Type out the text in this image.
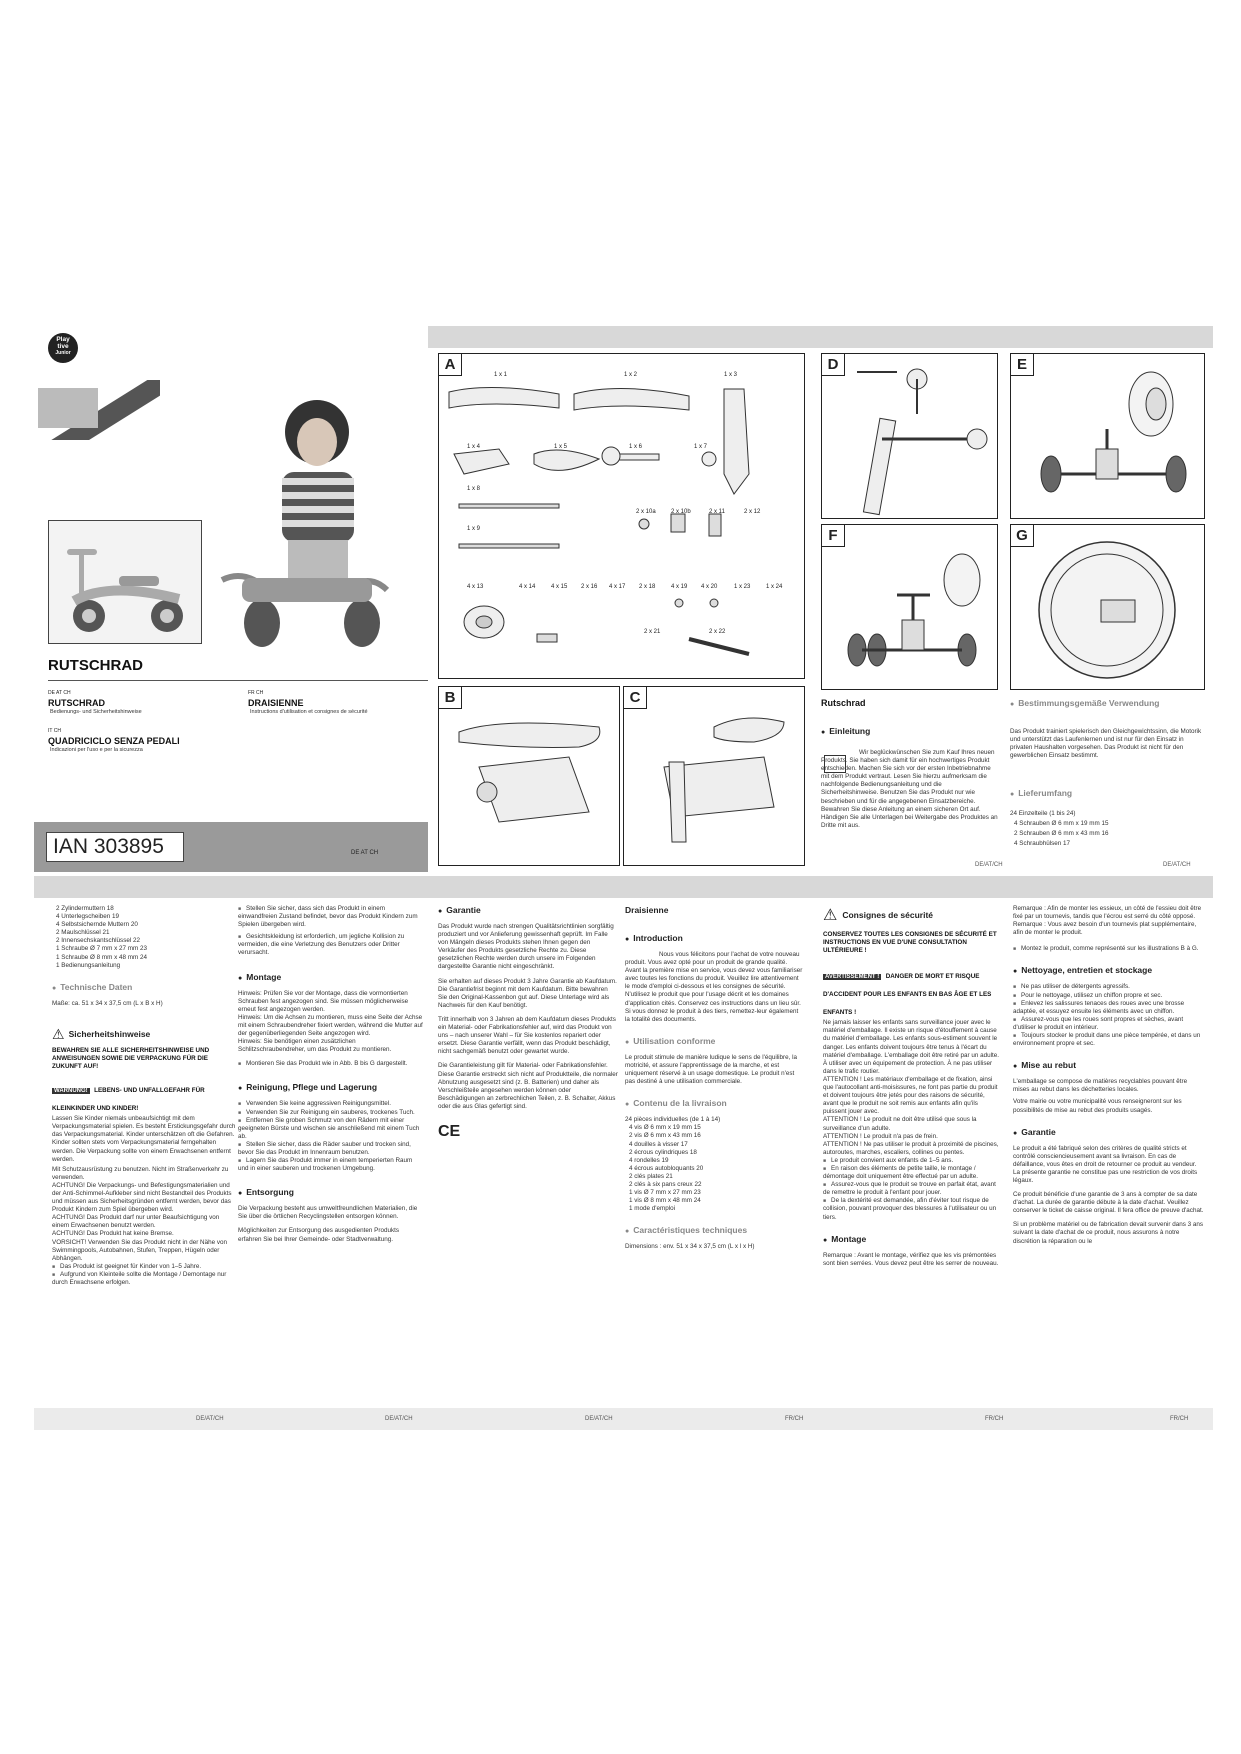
Play
tive
Junior
RUTSCHRAD
DE AT CH
RUTSCHRAD
Bedienungs- und Sicherheitshinweise
FR CH
DRAISIENNE
Instructions d'utilisation et consignes de sécurité
IT CH
QUADRICICLO SENZA PEDALI
Indicazioni per l'uso e per la sicurezza
IAN 303895	DE AT CH
A
1 x 1	1 x 2	1 x 3
1 x 4	1 x 5	1 x 6	1 x 7
1 x 8
1 x 9
2 x 10a	2 x 10b	2 x 11	2 x 12
4 x 13	4 x 14	4 x 15 2 x 16 4 x 17 2 x 18	4 x 19 4 x 20	1 x 23	1 x 24
2 x 21	2 x 22
D	E
F	G
B	C	Rutschrad
● Einleitung
Wir beglückwünschen Sie zum Kauf Ihres neuen Produkts. Sie haben sich damit für ein hochwertiges Produkt entschieden. Machen Sie sich vor der ersten Inbetriebnahme mit dem Produkt vertraut. Lesen Sie hierzu aufmerksam die nachfolgende Bedienungsanleitung und die Sicherheitshinweise. Benutzen Sie das Produkt nur wie beschrieben und für die angegebenen Einsatzbereiche. Bewahren Sie diese Anleitung an einem sicheren Ort auf. Händigen Sie alle Unterlagen bei Weitergabe des Produktes an Dritte mit aus.
● Bestimmungsgemäße Verwendung
Das Produkt trainiert spielerisch den Gleichgewichtssinn, die Motorik und unterstützt das Laufenlernen und ist nur für den Einsatz in privaten Haushalten vorgesehen. Das Produkt ist nicht für den gewerblichen Einsatz bestimmt.
● Lieferumfang
24 Einzelteile (1 bis 24)
4 Schrauben Ø 6 mm x 19 mm 15
2 Schrauben Ø 6 mm x 43 mm 16
4 Schraubhülsen 17
DE/AT/CH	DE/AT/CH
2 Zylindermuttern 18
4 Unterlegscheiben 19
4 Selbstsichernde Muttern 20
2 Maulschlüssel 21
2 Innensechskantschlüssel 22
1 Schraube Ø 7 mm x 27 mm 23
1 Schraube Ø 8 mm x 48 mm 24
1 Bedienungsanleitung
● Technische Daten
Maße: ca. 51 x 34 x 37,5 cm (L x B x H)
⚠ Sicherheitshinweise
BEWAHREN SIE ALLE SICHERHEITSHINWEISE UND ANWEISUNGEN SOWIE DIE VERPACKUNG FÜR DIE ZUKUNFT AUF!
WARNUNG! LEBENS- UND UNFALLGEFAHR FÜR KLEINKINDER UND KINDER!
Lassen Sie Kinder niemals unbeaufsichtigt mit dem Verpackungsmaterial spielen. Es besteht Erstickungsgefahr durch das Verpackungsmaterial. Kinder unterschätzen oft die Gefahren. Kinder sollten stets vom Verpackungsmaterial ferngehalten werden. Die Verpackung sollte von einem Erwachsenen entfernt werden.
Mit Schutzausrüstung zu benutzen. Nicht im Straßenverkehr zu verwenden.
ACHTUNG! Die Verpackungs- und Befestigungsmaterialien und der Anti-Schimmel-Aufkleber sind nicht Bestandteil des Produkts und müssen aus Sicherheitsgründen entfernt werden, bevor das Produkt Kindern zum Spiel übergeben wird.
ACHTUNG! Das Produkt darf nur unter Beaufsichtigung von einem Erwachsenen benutzt werden.
ACHTUNG! Das Produkt hat keine Bremse.
VORSICHT! Verwenden Sie das Produkt nicht in der Nähe von Swimmingpools, Autobahnen, Stufen, Treppen, Hügeln oder Abhängen.
■ Das Produkt ist geeignet für Kinder von 1–5 Jahre.
■ Aufgrund von Kleinteile sollte die Montage / Demontage nur durch Erwachsene erfolgen.
■ Stellen Sie sicher, dass sich das Produkt in einem einwandfreien Zustand befindet, bevor das Produkt Kindern zum Spielen übergeben wird.
■ Gesichtskleidung ist erforderlich, um jegliche Kollision zu vermeiden, die eine Verletzung des Benutzers oder Dritter verursacht.
● Montage
Hinweis: Prüfen Sie vor der Montage, dass die vormontierten Schrauben fest angezogen sind. Sie müssen möglicherweise erneut fest angezogen werden.
Hinweis: Um die Achsen zu montieren, muss eine Seite der Achse mit einem Schraubendreher fixiert werden, während die Mutter auf der gegenüberliegenden Seite angezogen wird.
Hinweis: Sie benötigen einen zusätzlichen Schlitzschraubendreher, um das Produkt zu montieren.
■ Montieren Sie das Produkt wie in Abb. B bis G dargestellt.
● Reinigung, Pflege und Lagerung
■ Verwenden Sie keine aggressiven Reinigungsmittel.
■ Verwenden Sie zur Reinigung ein sauberes, trockenes Tuch.
■ Entfernen Sie groben Schmutz von den Rädern mit einer geeigneten Bürste und wischen sie anschließend mit einem Tuch ab.
■ Stellen Sie sicher, dass die Räder sauber und trocken sind, bevor Sie das Produkt im Innenraum benutzen.
■ Lagern Sie das Produkt immer in einem temperierten Raum und in einer sauberen und trockenen Umgebung.
● Entsorgung
Die Verpackung besteht aus umweltfreundlichen Materialien, die Sie über die örtlichen Recyclingstellen entsorgen können.
Möglichkeiten zur Entsorgung des ausgedienten Produkts erfahren Sie bei Ihrer Gemeinde- oder Stadtverwaltung.
● Garantie
Das Produkt wurde nach strengen Qualitätsrichtlinien sorgfältig produziert und vor Anlieferung gewissenhaft geprüft. Im Falle von Mängeln dieses Produkts stehen Ihnen gegen den Verkäufer des Produkts gesetzliche Rechte zu. Diese gesetzlichen Rechte werden durch unsere im Folgenden dargestellte Garantie nicht eingeschränkt.
Sie erhalten auf dieses Produkt 3 Jahre Garantie ab Kaufdatum. Die Garantiefrist beginnt mit dem Kaufdatum. Bitte bewahren Sie den Original-Kassenbon gut auf. Diese Unterlage wird als Nachweis für den Kauf benötigt.
Tritt innerhalb von 3 Jahren ab dem Kaufdatum dieses Produkts ein Material- oder Fabrikationsfehler auf, wird das Produkt von uns – nach unserer Wahl – für Sie kostenlos repariert oder ersetzt. Diese Garantie verfällt, wenn das Produkt beschädigt, nicht sachgemäß benutzt oder gewartet wurde.
Die Garantieleistung gilt für Material- oder Fabrikationsfehler. Diese Garantie erstreckt sich nicht auf Produktteile, die normaler Abnutzung ausgesetzt sind (z. B. Batterien) und daher als Verschleißteile angesehen werden können oder Beschädigungen an zerbrechlichen Teilen, z. B. Schalter, Akkus oder die aus Glas gefertigt sind.
CE
Draisienne
● Introduction
Nous vous félicitons pour l'achat de votre nouveau produit. Vous avez opté pour un produit de grande qualité. Avant la première mise en service, vous devez vous familiariser avec toutes les fonctions du produit. Veuillez lire attentivement le mode d'emploi ci-dessous et les consignes de sécurité. N'utilisez le produit que pour l'usage décrit et les domaines d'application cités. Conservez ces instructions dans un lieu sûr. Si vous donnez le produit à des tiers, remettez-leur également la totalité des documents.
● Utilisation conforme
Le produit stimule de manière ludique le sens de l'équilibre, la motricité, et assure l'apprentissage de la marche, et est uniquement réservé à un usage domestique. Le produit n'est pas destiné à une utilisation commerciale.
● Contenu de la livraison
24 pièces individuelles (de 1 à 14)
4 vis Ø 6 mm x 19 mm 15
2 vis Ø 6 mm x 43 mm 16
4 douilles à visser 17
2 écrous cylindriques 18
4 rondelles 19
4 écrous autobloquants 20
2 clés plates 21
2 clés à six pans creux 22
1 vis Ø 7 mm x 27 mm 23
1 vis Ø 8 mm x 48 mm 24
1 mode d'emploi
● Caractéristiques techniques
Dimensions : env. 51 x 34 x 37,5 cm (L x l x H)
⚠ Consignes de sécurité
CONSERVEZ TOUTES LES CONSIGNES DE SÉCURITÉ ET INSTRUCTIONS EN VUE D'UNE CONSULTATION ULTÉRIEURE !
AVERTISSEMENT ! DANGER DE MORT ET RISQUE D'ACCIDENT POUR LES ENFANTS EN BAS ÂGE ET LES ENFANTS !
Ne jamais laisser les enfants sans surveillance jouer avec le matériel d'emballage. Il existe un risque d'étouffement à cause du matériel d'emballage. Les enfants sous-estiment souvent le danger. Les enfants doivent toujours être tenus à l'écart du matériel d'emballage. L'emballage doit être retiré par un adulte.
À utiliser avec un équipement de protection. À ne pas utiliser dans le trafic routier.
ATTENTION ! Les matériaux d'emballage et de fixation, ainsi que l'autocollant anti-moisissures, ne font pas partie du produit et doivent toujours être jetés pour des raisons de sécurité, avant que le produit ne soit remis aux enfants afin qu'ils puissent jouer avec.
ATTENTION ! Le produit ne doit être utilisé que sous la surveillance d'un adulte.
ATTENTION ! Le produit n'a pas de frein.
ATTENTION ! Ne pas utiliser le produit à proximité de piscines, autoroutes, marches, escaliers, collines ou pentes.
■ Le produit convient aux enfants de 1–5 ans.
■ En raison des éléments de petite taille, le montage / démontage doit uniquement être effectué par un adulte.
■ Assurez-vous que le produit se trouve en parfait état, avant de remettre le produit à l'enfant pour jouer.
■ De la dextérité est demandée, afin d'éviter tout risque de collision, pouvant provoquer des blessures à l'utilisateur ou un tiers.
● Montage
Remarque : Avant le montage, vérifiez que les vis prémontées sont bien serrées. Vous devez peut être les serrer de nouveau.
Remarque : Afin de monter les essieux, un côté de l'essieu doit être fixé par un tournevis, tandis que l'écrou est serré du côté opposé.
Remarque : Vous avez besoin d'un tournevis plat supplémentaire, afin de monter le produit.
■ Montez le produit, comme représenté sur les illustrations B à G.
● Nettoyage, entretien et stockage
■ Ne pas utiliser de détergents agressifs.
■ Pour le nettoyage, utilisez un chiffon propre et sec.
■ Enlevez les salissures tenaces des roues avec une brosse adaptée, et essuyez ensuite les éléments avec un chiffon.
■ Assurez-vous que les roues sont propres et sèches, avant d'utiliser le produit en intérieur.
■ Toujours stocker le produit dans une pièce tempérée, et dans un environnement propre et sec.
● Mise au rebut
L'emballage se compose de matières recyclables pouvant être mises au rebut dans les déchetteries locales.
Votre mairie ou votre municipalité vous renseigneront sur les possibilités de mise au rebut des produits usagés.
● Garantie
Le produit a été fabriqué selon des critères de qualité stricts et contrôlé consciencieusement avant sa livraison. En cas de défaillance, vous êtes en droit de retourner ce produit au vendeur. La présente garantie ne constitue pas une restriction de vos droits légaux.
Ce produit bénéficie d'une garantie de 3 ans à compter de sa date d'achat. La durée de garantie débute à la date d'achat. Veuillez conserver le ticket de caisse original. Il fera office de preuve d'achat.
Si un problème matériel ou de fabrication devait survenir dans 3 ans suivant la date d'achat de ce produit, nous assurons à notre discrétion la réparation ou le
DE/AT/CH	DE/AT/CH	DE/AT/CH	FR/CH	FR/CH	FR/CH
